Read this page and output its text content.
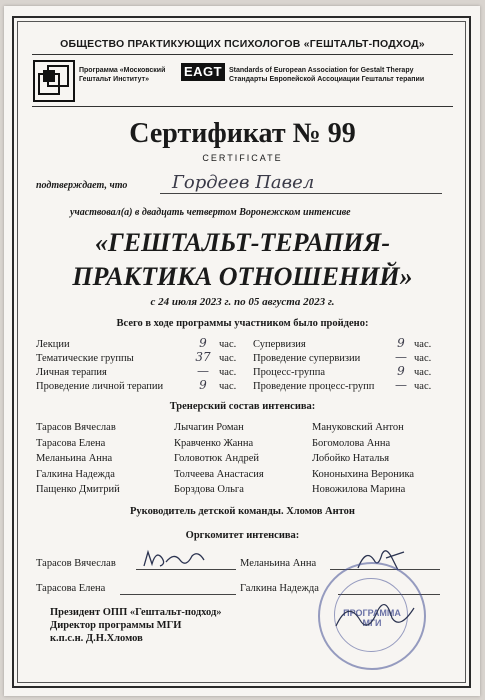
ОБЩЕСТВО ПРАКТИКУЮЩИХ ПСИХОЛОГОВ «ГЕШТАЛЬТ-ПОДХОД»
Программа «Московский
Гештальт Институт»
EAGT Standards of European Association for Gestalt Therapy
Стандарты Европейской Ассоциации Гештальт терапии
Сертификат № 99
CERTIFICATE
подтверждает, что Гордеев Павел
участвовал(а) в двадцать четвертом Воронежском интенсиве
«ГЕШТАЛЬТ-ТЕРАПИЯ-
ПРАКТИКА ОТНОШЕНИЙ»
с 24 июля 2023 г. по 05 августа 2023 г.
Всего в ходе программы участником было пройдено:
Лекции
Тематические группы
Личная терапия
Проведение личной терапии
9
37
—
9
час.
час.
час.
час.
Супервизия
Проведение супервизии
Процесс-группа
Проведение процесс-групп
9
—
9
—
час.
час.
час.
час.
Тренерский состав интенсива:
Тарасов Вячеслав
Тарасова Елена
Меланьина Анна
Галкина Надежда
Пащенко Дмитрий
Лычагин Роман
Кравченко Жанна
Головотюк Андрей
Толчеева Анастасия
Борздова Ольга
Мануковский Антон
Богомолова Анна
Лобойко Наталья
Кононыхина Вероника
Новожилова Марина
Руководитель детской команды. Хломов Антон
Оргкомитет интенсива:
Тарасов Вячеслав	Меланьина Анна
Тарасова Елена	Галкина Надежда
Президент ОПП «Гештальт-подход»
Директор программы МГИ
к.п.с.н. Д.Н.Хломов
ПРОГРАММА
МГИ
